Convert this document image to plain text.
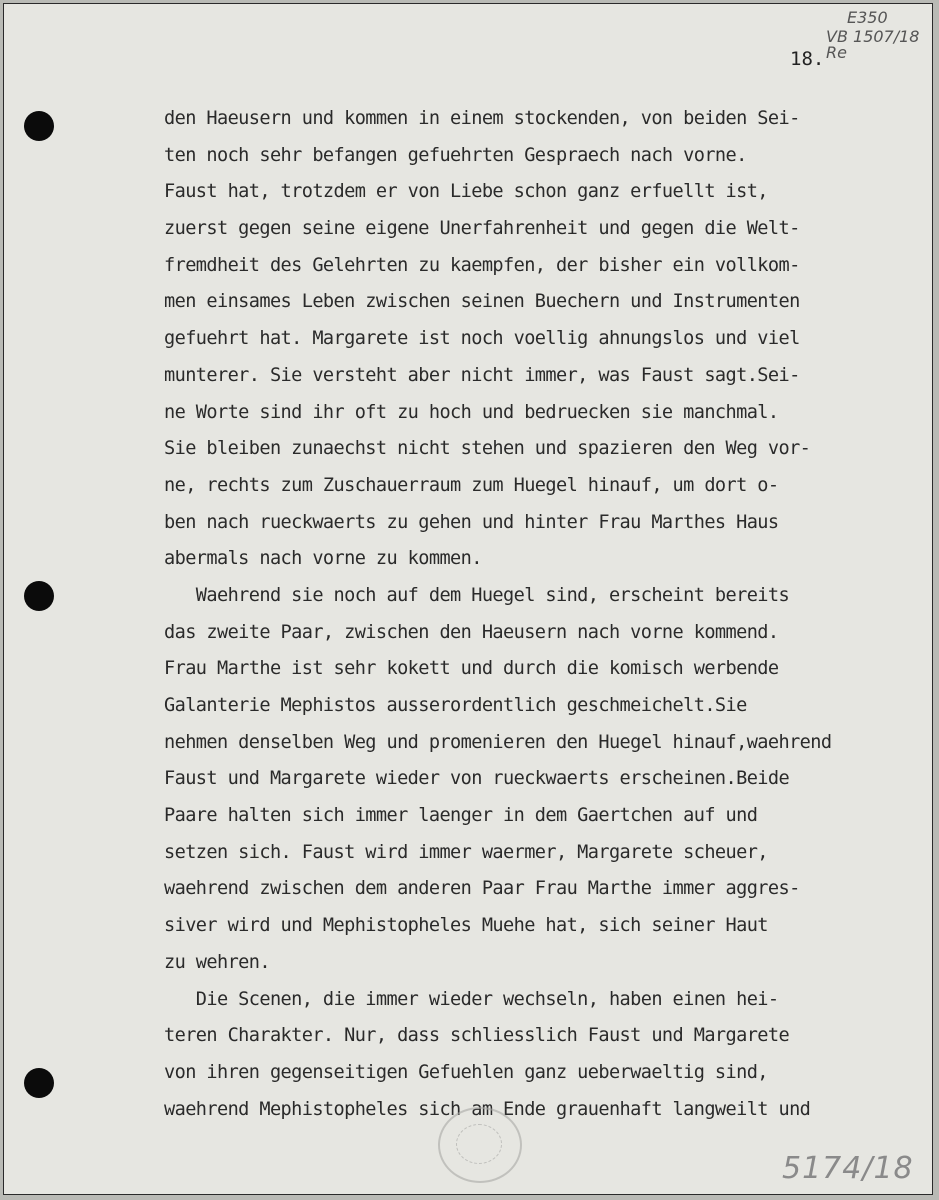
E350
VB 1507/18 Re
18.
den Haeusern und kommen in einem stockenden, von beiden Sei-
ten noch sehr befangen gefuehrten Gespraech nach vorne.
Faust hat, trotzdem er von Liebe schon ganz erfuellt ist,
zuerst gegen seine eigene Unerfahrenheit und gegen die Welt-
fremdheit des Gelehrten zu kaempfen, der bisher ein vollkom-
men einsames Leben zwischen seinen Buechern und Instrumenten
gefuehrt hat. Margarete ist noch voellig ahnungslos und viel
munterer. Sie versteht aber nicht immer, was Faust sagt.Sei-
ne Worte sind ihr oft zu hoch und bedruecken sie manchmal.
Sie bleiben zunaechst nicht stehen und spazieren den Weg vor-
ne, rechts zum Zuschauerraum zum Huegel hinauf, um dort o-
ben nach rueckwaerts zu gehen und hinter Frau Marthes Haus
abermals nach vorne zu kommen.
Waehrend sie noch auf dem Huegel sind, erscheint bereits
das zweite Paar, zwischen den Haeusern nach vorne kommend.
Frau Marthe ist sehr kokett und durch die komisch werbende
Galanterie Mephistos ausserordentlich geschmeichelt.Sie
nehmen denselben Weg und promenieren den Huegel hinauf,waehrend
Faust und Margarete wieder von rueckwaerts erscheinen.Beide
Paare halten sich immer laenger in dem Gaertchen auf und
setzen sich. Faust wird immer waermer, Margarete scheuer,
waehrend zwischen dem anderen Paar Frau Marthe immer aggres-
siver wird und Mephistopheles Muehe hat, sich seiner Haut
zu wehren.
Die Scenen, die immer wieder wechseln, haben einen hei-
teren Charakter. Nur, dass schliesslich Faust und Margarete
von ihren gegenseitigen Gefuehlen ganz ueberwaeltig sind,
waehrend Mephistopheles sich am Ende grauenhaft langweilt und
5174/18
